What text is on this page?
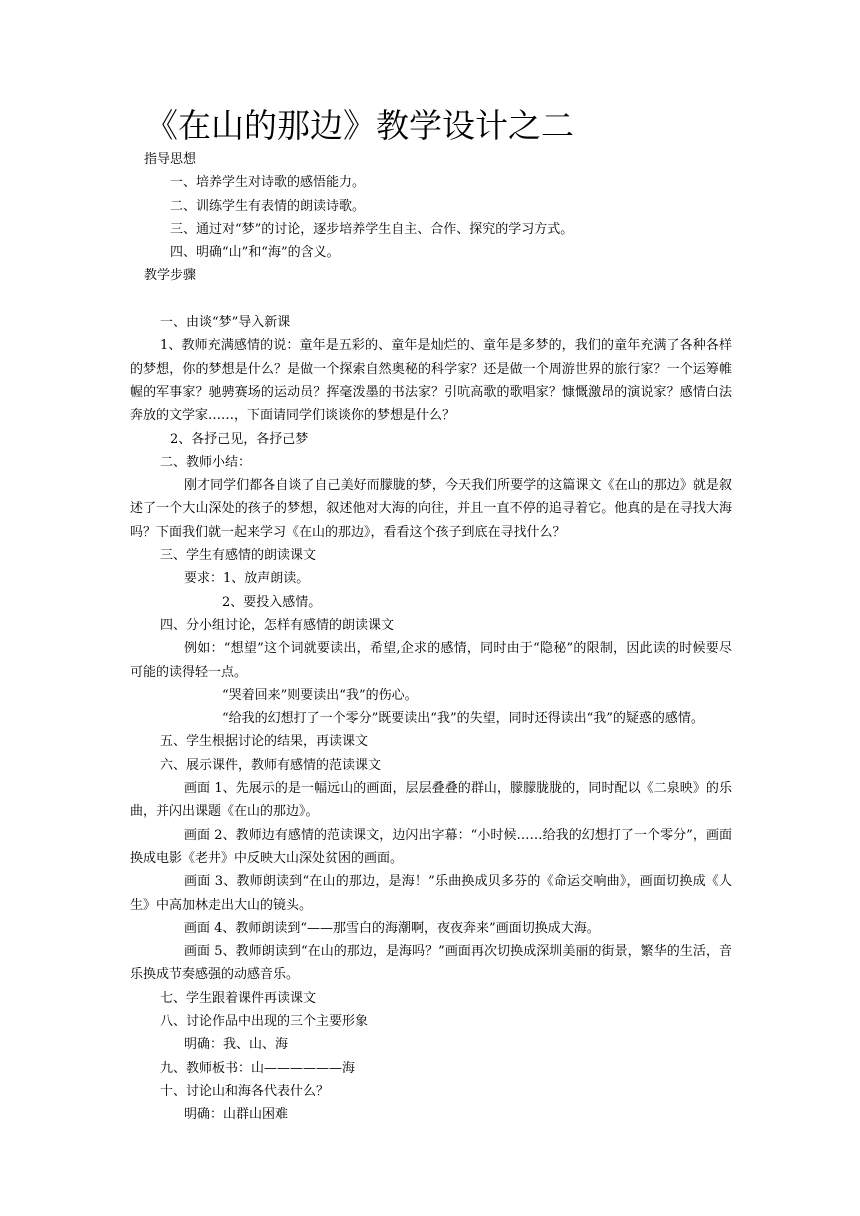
《在山的那边》教学设计之二

指导思想

一、培养学生对诗歌的感悟能力。

二、训练学生有表情的朗读诗歌。

三、通过对“梦”的讨论，逐步培养学生自主、合作、探究的学习方式。

四、明确“山”和“海”的含义。

教学步骤

一、由谈“梦”导入新课

1、教师充满感情的说：童年是五彩的、童年是灿烂的、童年是多梦的，我们的童年充满了各种各样的梦想，你的梦想是什么？是做一个探索自然奥秘的科学家？还是做一个周游世界的旅行家？一个运筹帷幄的军事家？驰骋赛场的运动员？挥毫泼墨的书法家？引吭高歌的歌唱家？慷慨激昂的演说家？感情白法奔放的文学家……，下面请同学们谈谈你的梦想是什么？

2、各抒己见，各抒己梦

二、教师小结：

刚才同学们都各自谈了自己美好而朦胧的梦，今天我们所要学的这篇课文《在山的那边》就是叙述了一个大山深处的孩子的梦想，叙述他对大海的向往，并且一直不停的追寻着它。他真的是在寻找大海吗？下面我们就一起来学习《在山的那边》，看看这个孩子到底在寻找什么？

三、学生有感情的朗读课文

要求：1、放声朗读。

2、要投入感情。

四、分小组讨论，怎样有感情的朗读课文

例如：“想望”这个词就要读出，希望,企求的感情，同时由于“隐秘”的限制，因此读的时候要尽可能的读得轻一点。

“哭着回来”则要读出“我”的伤心。

“给我的幻想打了一个零分”既要读出“我”的失望，同时还得读出“我”的疑惑的感情。

五、学生根据讨论的结果，再读课文

六、展示课件，教师有感情的范读课文

画面 1、先展示的是一幅远山的画面，层层叠叠的群山，朦朦胧胧的，同时配以《二泉映》的乐曲，并闪出课题《在山的那边》。

画面 2、教师边有感情的范读课文，边闪出字幕：“小时候……给我的幻想打了一个零分”，画面换成电影《老井》中反映大山深处贫困的画面。

画面 3、教师朗读到“在山的那边，是海！”乐曲换成贝多芬的《命运交响曲》，画面切换成《人生》中高加林走出大山的镜头。

画面 4、教师朗读到“——那雪白的海潮啊，夜夜奔来”画面切换成大海。

画面 5、教师朗读到“在山的那边，是海吗？”画面再次切换成深圳美丽的街景，繁华的生活，音乐换成节奏感强的动感音乐。

七、学生跟着课件再读课文

八、讨论作品中出现的三个主要形象

明确：我、山、海

九、教师板书：山——————海

十、讨论山和海各代表什么？

明确：山群山困难
